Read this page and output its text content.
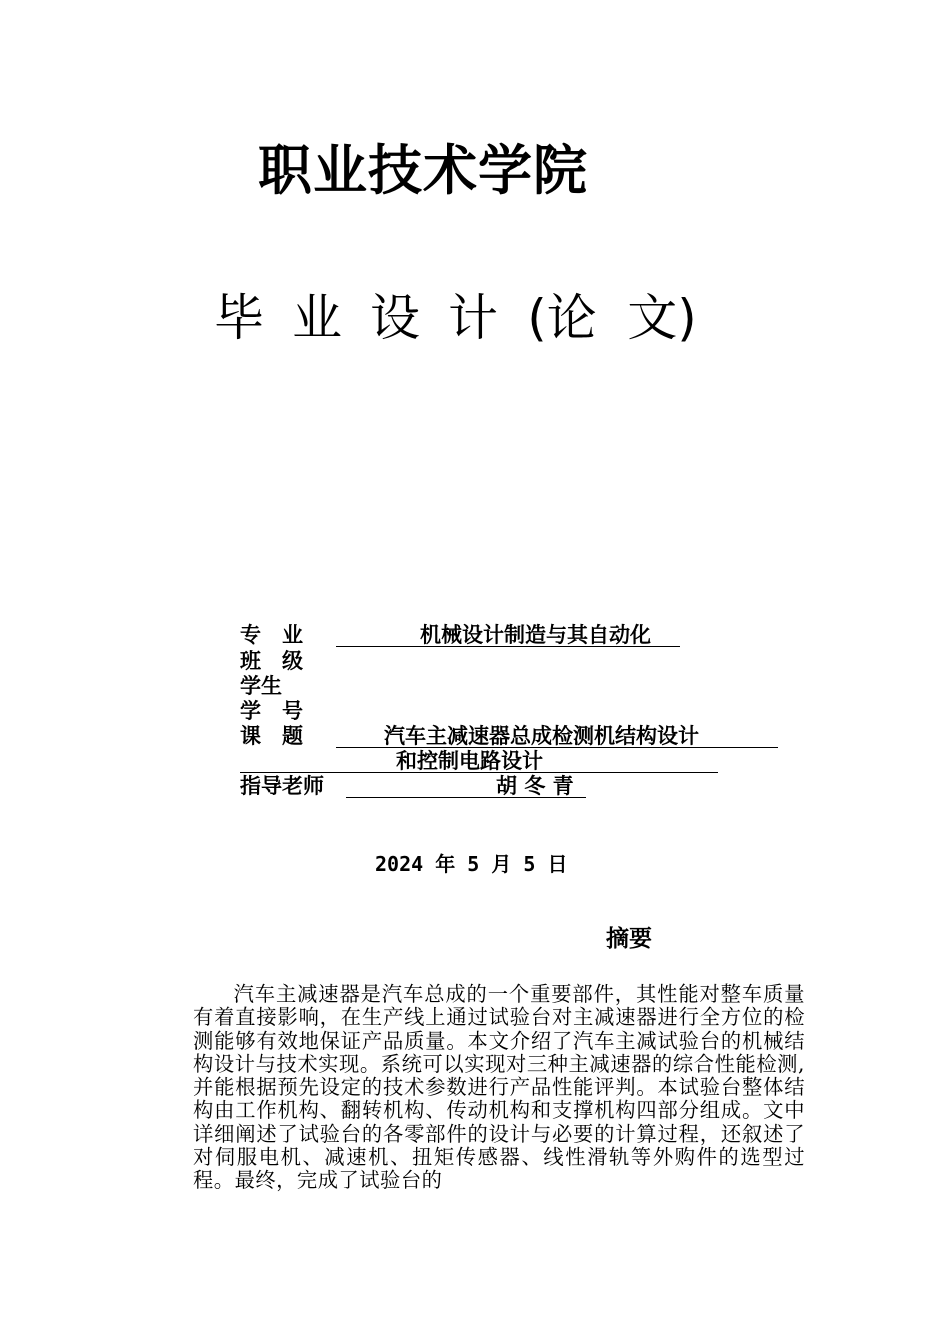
职业技术学院
毕 业 设 计 (论 文)
专　业	机械设计制造与其自动化
班　级
学生
学　号
课　题	汽车主减速器总成检测机结构设计
和控制电路设计
指导老师	胡 冬 青
2024 年 5 月 5 日
摘要
汽车主减速器是汽车总成的一个重要部件，其性能对整车质量有着直接影响，在生产线上通过试验台对主减速器进行全方位的检测能够有效地保证产品质量。本文介绍了汽车主减试验台的机械结构设计与技术实现。系统可以实现对三种主减速器的综合性能检测,并能根据预先设定的技术参数进行产品性能评判。本试验台整体结构由工作机构、翻转机构、传动机构和支撑机构四部分组成。文中详细阐述了试验台的各零部件的设计与必要的计算过程，还叙述了对伺服电机、减速机、扭矩传感器、线性滑轨等外购件的选型过程。最终，完成了试验台的
